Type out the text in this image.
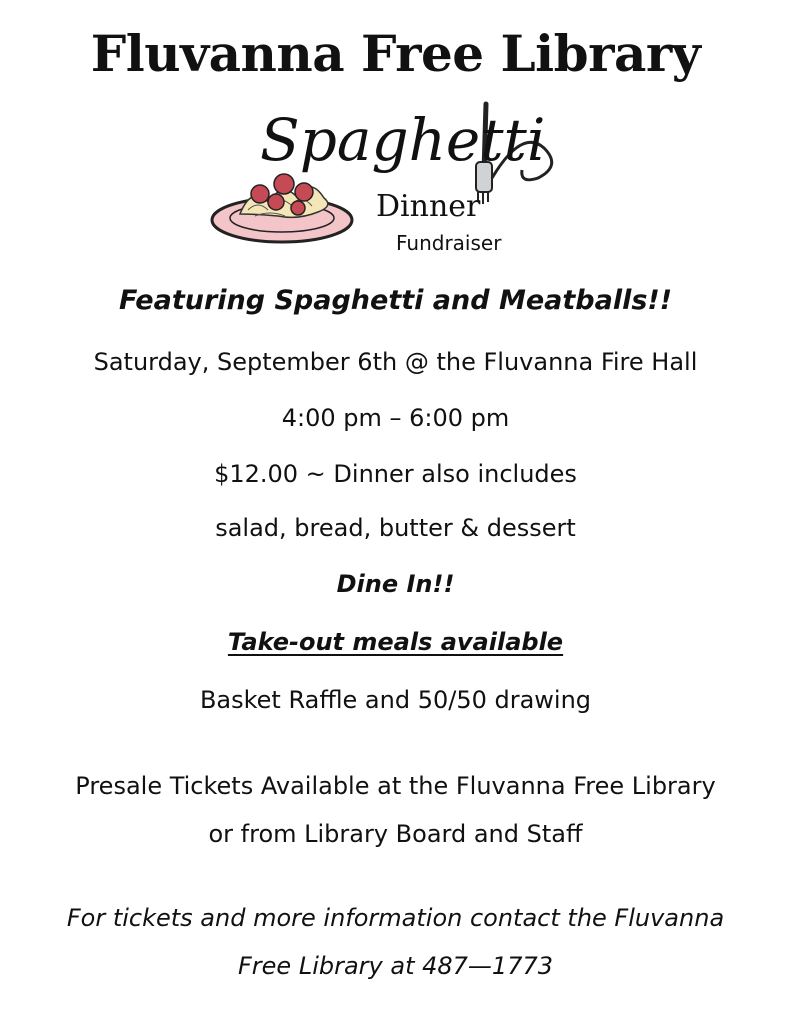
Fluvanna Free Library
Spaghetti
Dinner
Fundraiser
Featuring Spaghetti and Meatballs!!
Saturday, September 6th @ the Fluvanna Fire Hall
4:00 pm – 6:00 pm
$12.00 ~ Dinner also includes
salad, bread, butter & dessert
Dine In!!
Take-out meals available
Basket Raffle and 50/50 drawing
Presale Tickets Available at the Fluvanna Free Library
or from Library Board and Staff
For tickets and more information contact the Fluvanna
Free Library at 487—1773
